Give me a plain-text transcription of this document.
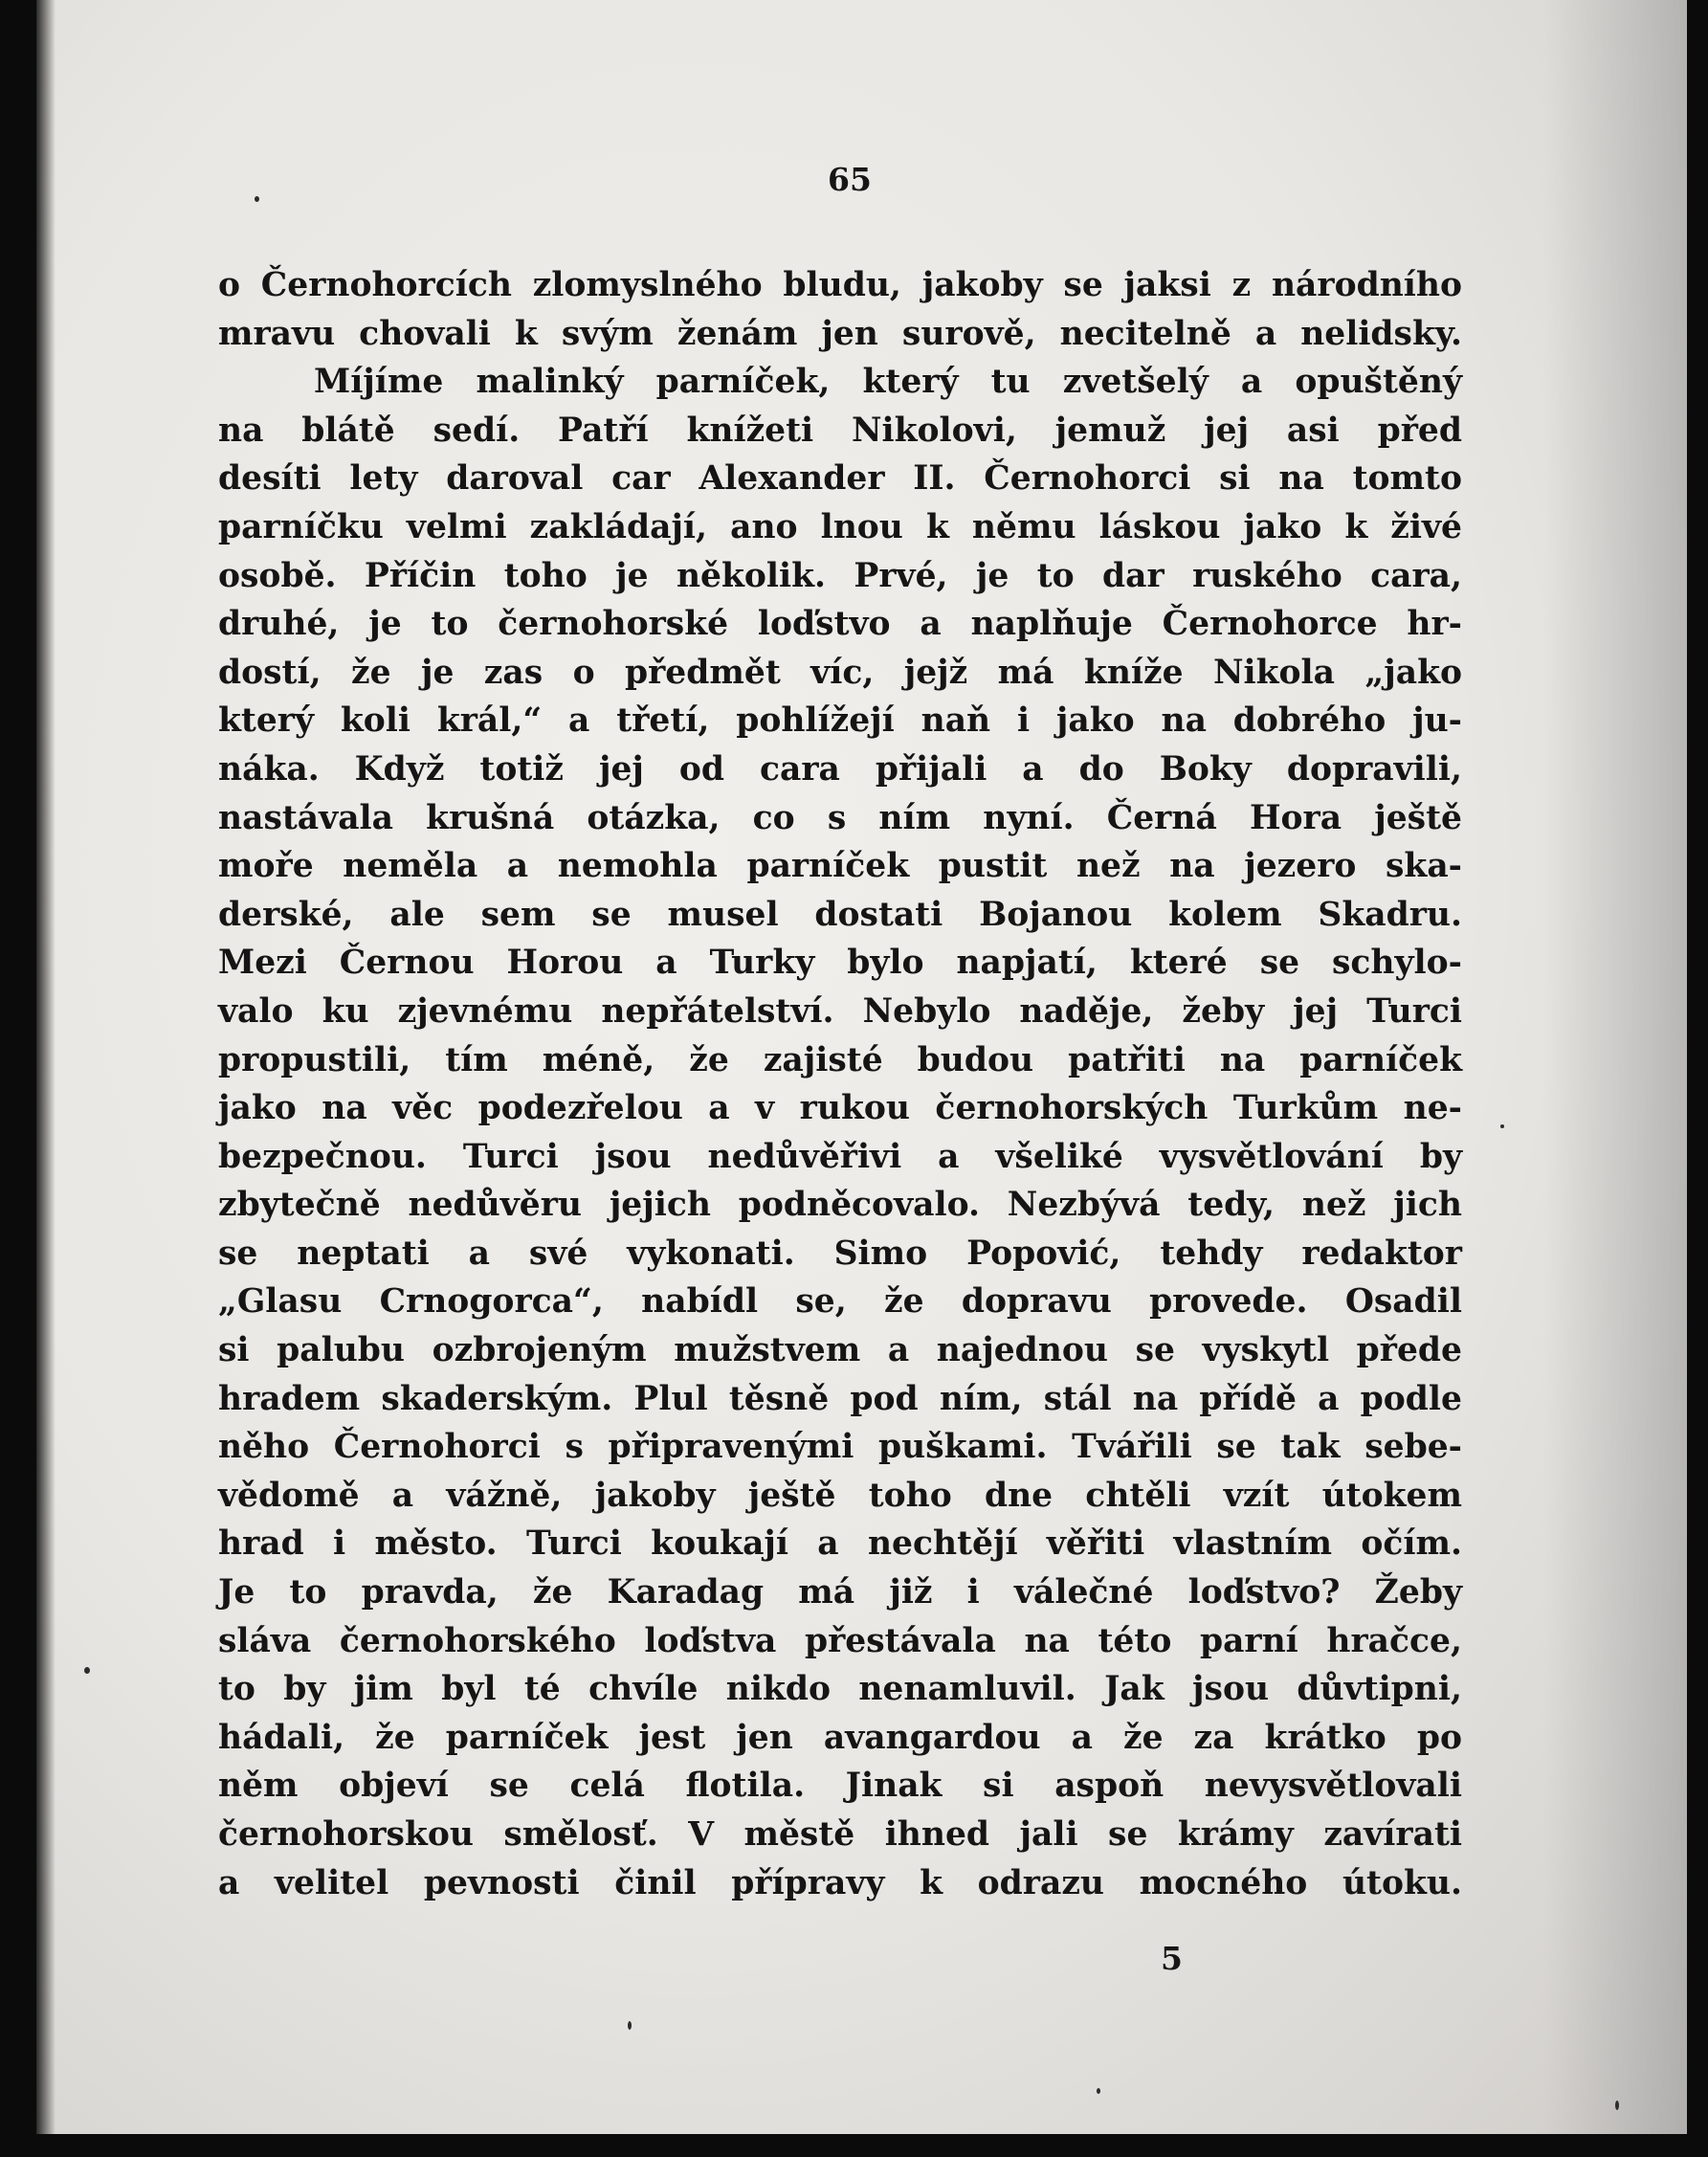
65

o Černohorcích zlomyslného bludu, jakoby se jaksi z národního
mravu chovali k svým ženám jen surově, necitelně a nelidsky.
Míjíme malinký parníček, který tu zvetšelý a opuštěný
na blátě sedí. Patří knížeti Nikolovi, jemuž jej asi před
desíti lety daroval car Alexander II. Černohorci si na tomto
parníčku velmi zakládají, ano lnou k němu láskou jako k živé
osobě. Příčin toho je několik. Prvé, je to dar ruského cara,
druhé, je to černohorské loďstvo a naplňuje Černohorce hr-
dostí, že je zas o předmět víc, jejž má kníže Nikola „jako
který koli král,“ a třetí, pohlížejí naň i jako na dobrého ju-
náka. Když totiž jej od cara přijali a do Boky dopravili,
nastávala krušná otázka, co s ním nyní. Černá Hora ještě
moře neměla a nemohla parníček pustit než na jezero ska-
derské, ale sem se musel dostati Bojanou kolem Skadru.
Mezi Černou Horou a Turky bylo napjatí, které se schylo-
valo ku zjevnému nepřátelství. Nebylo naděje, žeby jej Turci
propustili, tím méně, že zajisté budou patřiti na parníček
jako na věc podezřelou a v rukou černohorských Turkům ne-
bezpečnou. Turci jsou nedůvěřivi a všeliké vysvětlování by
zbytečně nedůvěru jejich podněcovalo. Nezbývá tedy, než jich
se neptati a své vykonati. Simo Popović, tehdy redaktor
„Glasu Crnogorca“, nabídl se, že dopravu provede. Osadil
si palubu ozbrojeným mužstvem a najednou se vyskytl přede
hradem skaderským. Plul těsně pod ním, stál na přídě a podle
něho Černohorci s připravenými puškami. Tvářili se tak sebe-
vědomě a vážně, jakoby ještě toho dne chtěli vzít útokem
hrad i město. Turci koukají a nechtějí věřiti vlastním očím.
Je to pravda, že Karadag má již i válečné loďstvo? Žeby
sláva černohorského loďstva přestávala na této parní hračce,
to by jim byl té chvíle nikdo nenamluvil. Jak jsou důvtipni,
hádali, že parníček jest jen avangardou a že za krátko po
něm objeví se celá flotila. Jinak si aspoň nevysvětlovali
černohorskou smělosť. V městě ihned jali se krámy zavírati
a velitel pevnosti činil přípravy k odrazu mocného útoku.

5
